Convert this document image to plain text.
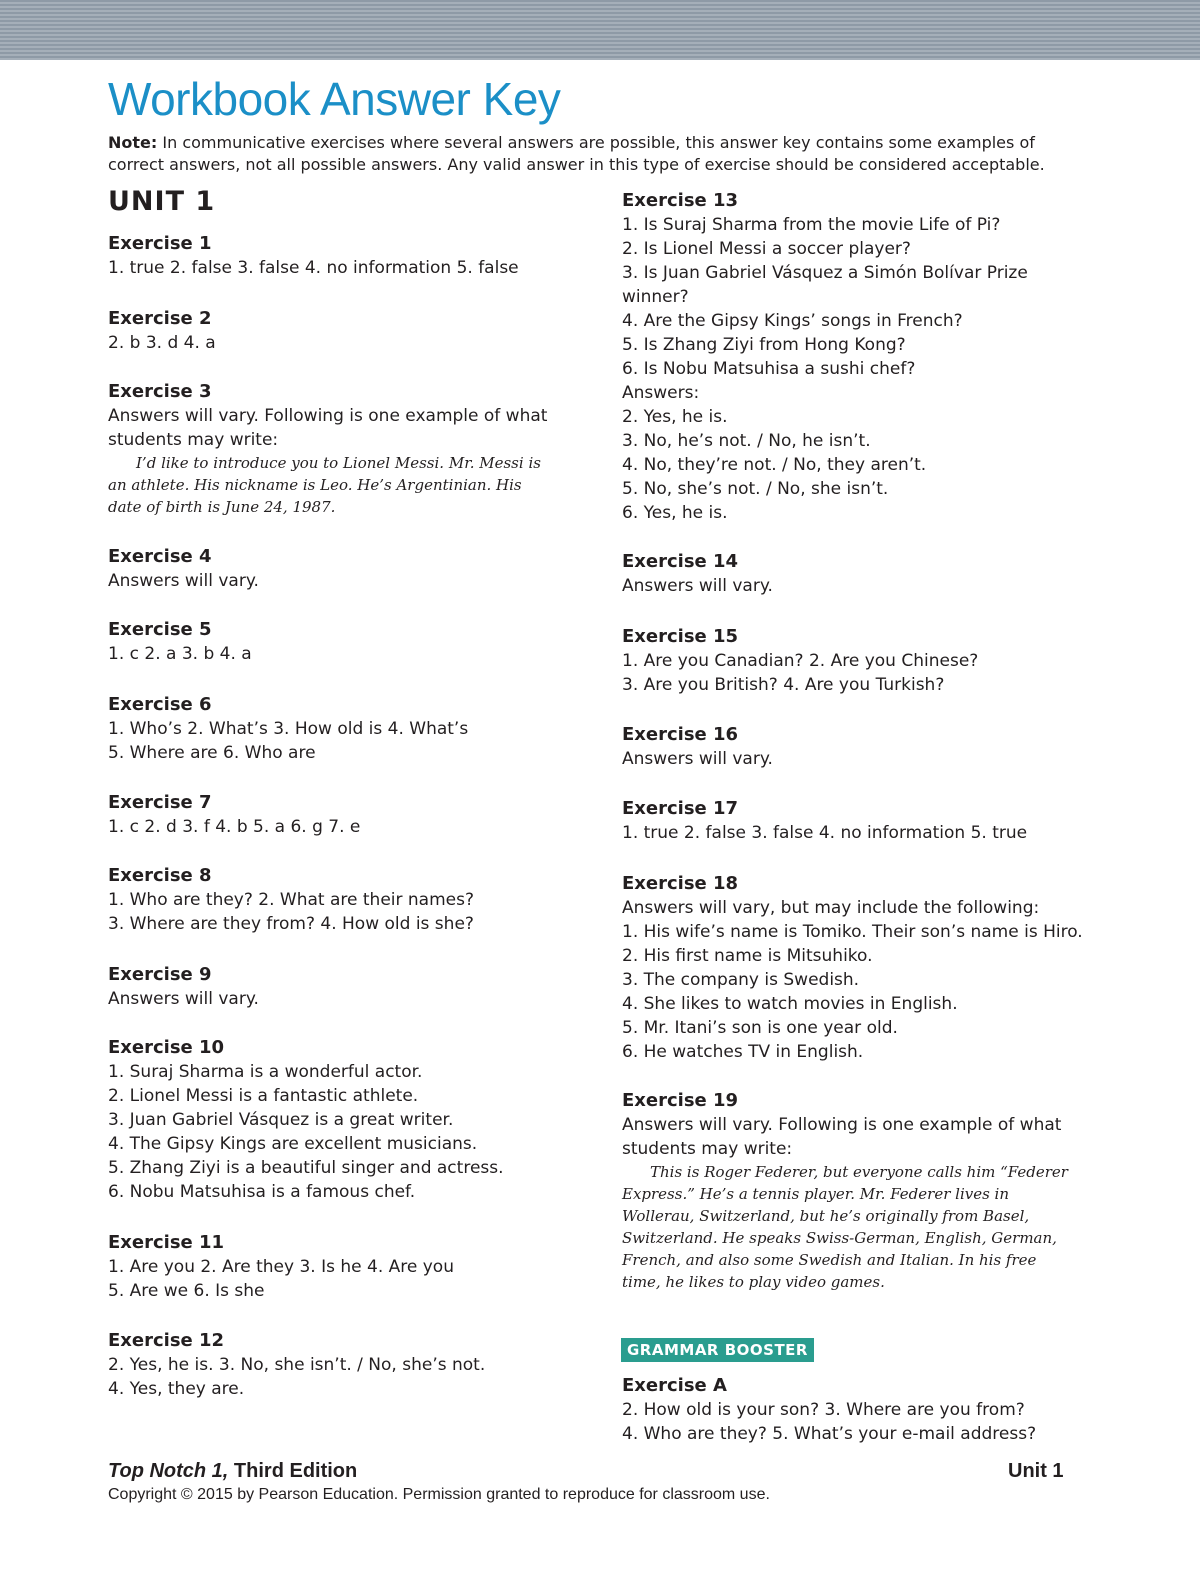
Workbook Answer Key
Note: In communicative exercises where several answers are possible, this answer key contains some examples of correct answers, not all possible answers. Any valid answer in this type of exercise should be considered acceptable.
UNIT 1
Exercise 1
1. true 2. false 3. false 4. no information 5. false
Exercise 2
2. b 3. d 4. a
Exercise 3
Answers will vary. Following is one example of what
students may write:
I’d like to introduce you to Lionel Messi. Mr. Messi is
an athlete. His nickname is Leo. He’s Argentinian. His
date of birth is June 24, 1987.
Exercise 4
Answers will vary.
Exercise 5
1. c 2. a 3. b 4. a
Exercise 6
1. Who’s 2. What’s 3. How old is 4. What’s
5. Where are 6. Who are
Exercise 7
1. c 2. d 3. f 4. b 5. a 6. g 7. e
Exercise 8
1. Who are they? 2. What are their names?
3. Where are they from? 4. How old is she?
Exercise 9
Answers will vary.
Exercise 10
1. Suraj Sharma is a wonderful actor.
2. Lionel Messi is a fantastic athlete.
3. Juan Gabriel Vásquez is a great writer.
4. The Gipsy Kings are excellent musicians.
5. Zhang Ziyi is a beautiful singer and actress.
6. Nobu Matsuhisa is a famous chef.
Exercise 11
1. Are you 2. Are they 3. Is he 4. Are you
5. Are we 6. Is she
Exercise 12
2. Yes, he is. 3. No, she isn’t. / No, she’s not.
4. Yes, they are.
Exercise 13
1. Is Suraj Sharma from the movie Life of Pi?
2. Is Lionel Messi a soccer player?
3. Is Juan Gabriel Vásquez a Simón Bolívar Prize
winner?
4. Are the Gipsy Kings’ songs in French?
5. Is Zhang Ziyi from Hong Kong?
6. Is Nobu Matsuhisa a sushi chef?
Answers:
2. Yes, he is.
3. No, he’s not. / No, he isn’t.
4. No, they’re not. / No, they aren’t.
5. No, she’s not. / No, she isn’t.
6. Yes, he is.
Exercise 14
Answers will vary.
Exercise 15
1. Are you Canadian? 2. Are you Chinese?
3. Are you British? 4. Are you Turkish?
Exercise 16
Answers will vary.
Exercise 17
1. true 2. false 3. false 4. no information 5. true
Exercise 18
Answers will vary, but may include the following:
1. His wife’s name is Tomiko. Their son’s name is Hiro.
2. His first name is Mitsuhiko.
3. The company is Swedish.
4. She likes to watch movies in English.
5. Mr. Itani’s son is one year old.
6. He watches TV in English.
Exercise 19
Answers will vary. Following is one example of what
students may write:
This is Roger Federer, but everyone calls him “Federer
Express.” He’s a tennis player. Mr. Federer lives in
Wollerau, Switzerland, but he’s originally from Basel,
Switzerland. He speaks Swiss-German, English, German,
French, and also some Swedish and Italian. In his free
time, he likes to play video games.
GRAMMAR BOOSTER
Exercise A
2. How old is your son? 3. Where are you from?
4. Who are they? 5. What’s your e-mail address?
Top Notch 1, Third Edition	Unit 1
Copyright © 2015 by Pearson Education. Permission granted to reproduce for classroom use.
